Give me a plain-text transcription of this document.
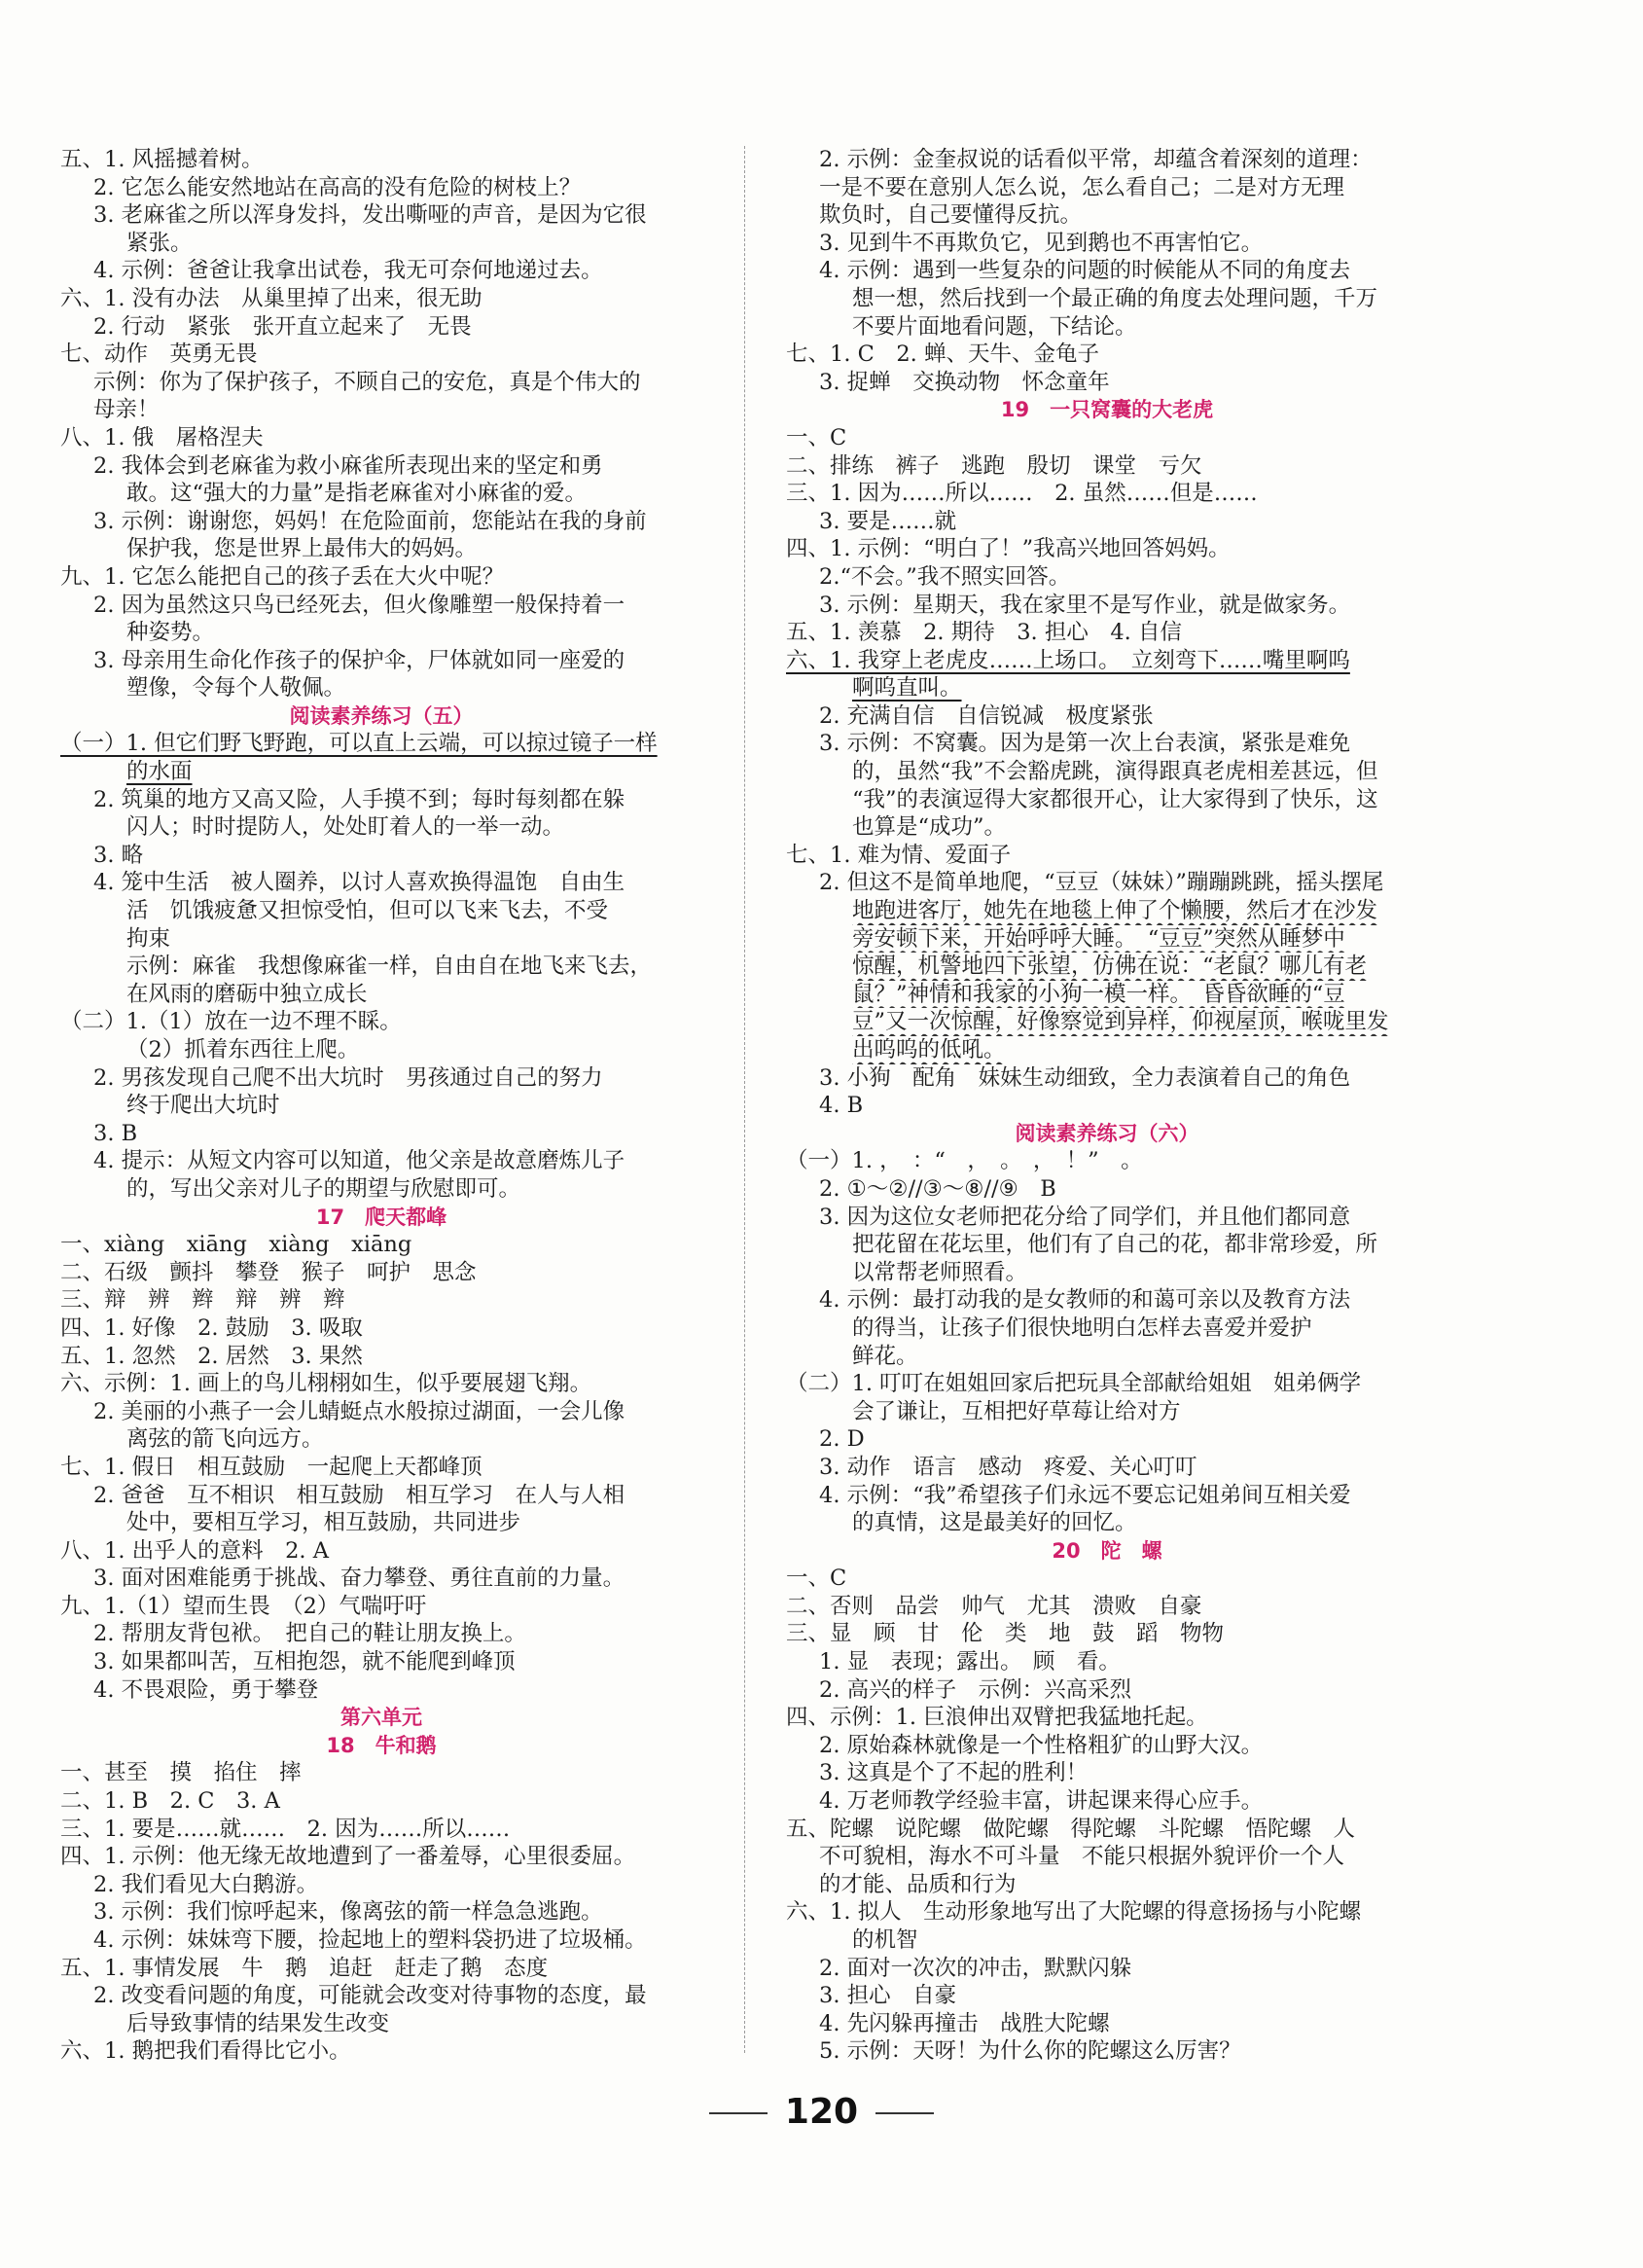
五、1. 风摇撼着树。
2. 它怎么能安然地站在高高的没有危险的树枝上？
3. 老麻雀之所以浑身发抖，发出嘶哑的声音，是因为它很
紧张。
4. 示例：爸爸让我拿出试卷，我无可奈何地递过去。
六、1. 没有办法　从巢里掉了出来，很无助
2. 行动　紧张　张开直立起来了　无畏
七、动作　英勇无畏
示例：你为了保护孩子，不顾自己的安危，真是个伟大的
母亲！
八、1. 俄　屠格涅夫
2. 我体会到老麻雀为救小麻雀所表现出来的坚定和勇
敢。这“强大的力量”是指老麻雀对小麻雀的爱。
3. 示例：谢谢您，妈妈！在危险面前，您能站在我的身前
保护我，您是世界上最伟大的妈妈。
九、1. 它怎么能把自己的孩子丢在大火中呢？
2. 因为虽然这只鸟已经死去，但火像雕塑一般保持着一
种姿势。
3. 母亲用生命化作孩子的保护伞，尸体就如同一座爱的
塑像，令每个人敬佩。
阅读素养练习（五）
（一）1. 但它们野飞野跑，可以直上云端，可以掠过镜子一样
的水面
2. 筑巢的地方又高又险，人手摸不到；每时每刻都在躲
闪人；时时提防人，处处盯着人的一举一动。
3. 略
4. 笼中生活　被人圈养，以讨人喜欢换得温饱　自由生
活　饥饿疲惫又担惊受怕，但可以飞来飞去，不受
拘束
示例：麻雀　我想像麻雀一样，自由自在地飞来飞去，
在风雨的磨砺中独立成长
（二）1.（1）放在一边不理不睬。
（2）抓着东西往上爬。
2. 男孩发现自己爬不出大坑时　男孩通过自己的努力
终于爬出大坑时
3. B
4. 提示：从短文内容可以知道，他父亲是故意磨炼儿子
的，写出父亲对儿子的期望与欣慰即可。
17　爬天都峰
一、xiàng　xiāng　xiàng　xiāng
二、石级　颤抖　攀登　猴子　呵护　思念
三、辩　辨　辫　辩　辨　辫
四、1. 好像　2. 鼓励　3. 吸取
五、1. 忽然　2. 居然　3. 果然
六、示例：1. 画上的鸟儿栩栩如生，似乎要展翅飞翔。
2. 美丽的小燕子一会儿蜻蜓点水般掠过湖面，一会儿像
离弦的箭飞向远方。
七、1. 假日　相互鼓励　一起爬上天都峰顶
2. 爸爸　互不相识　相互鼓励　相互学习　在人与人相
处中，要相互学习，相互鼓励，共同进步
八、1. 出乎人的意料　2. A
3. 面对困难能勇于挑战、奋力攀登、勇往直前的力量。
九、1.（1）望而生畏　（2）气喘吁吁
2. 帮朋友背包袱。　把自己的鞋让朋友换上。
3. 如果都叫苦，互相抱怨，就不能爬到峰顶
4. 不畏艰险，勇于攀登
第六单元
18　牛和鹅
一、甚至　摸　掐住　摔
二、1. B　2. C　3. A
三、1. 要是……就……　2. 因为……所以……
四、1. 示例：他无缘无故地遭到了一番羞辱，心里很委屈。
2. 我们看见大白鹅游。
3. 示例：我们惊呼起来，像离弦的箭一样急急逃跑。
4. 示例：妹妹弯下腰，捡起地上的塑料袋扔进了垃圾桶。
五、1. 事情发展　牛　鹅　追赶　赶走了鹅　态度
2. 改变看问题的角度，可能就会改变对待事物的态度，最
后导致事情的结果发生改变
六、1. 鹅把我们看得比它小。
2. 示例：金奎叔说的话看似平常，却蕴含着深刻的道理：
一是不要在意别人怎么说，怎么看自己；二是对方无理
欺负时，自己要懂得反抗。
3. 见到牛不再欺负它，见到鹅也不再害怕它。
4. 示例：遇到一些复杂的问题的时候能从不同的角度去
想一想，然后找到一个最正确的角度去处理问题，千万
不要片面地看问题，下结论。
七、1. C　2. 蝉、天牛、金龟子
3. 捉蝉　交换动物　怀念童年
19　一只窝囊的大老虎
一、C
二、排练　裤子　逃跑　殷切　课堂　亏欠
三、1. 因为……所以……　2. 虽然……但是……
3. 要是……就
四、1. 示例：“明白了！”我高兴地回答妈妈。
2.“不会。”我不照实回答。
3. 示例：星期天，我在家里不是写作业，就是做家务。
五、1. 羡慕　2. 期待　3. 担心　4. 自信
六、1. 我穿上老虎皮……上场口。　立刻弯下……嘴里啊呜
啊呜直叫。
2. 充满自信　自信锐减　极度紧张
3. 示例：不窝囊。因为是第一次上台表演，紧张是难免
的，虽然“我”不会豁虎跳，演得跟真老虎相差甚远，但
“我”的表演逗得大家都很开心，让大家得到了快乐，这
也算是“成功”。
七、1. 难为情、爱面子
2. 但这不是简单地爬，“豆豆（妹妹）”蹦蹦跳跳，摇头摆尾
地跑进客厅，她先在地毯上伸了个懒腰，然后才在沙发
旁安顿下来，开始呼呼大睡。　“豆豆”突然从睡梦中
惊醒，机警地四下张望，仿佛在说：“老鼠？哪儿有老
鼠？”神情和我家的小狗一模一样。　昏昏欲睡的“豆
豆”又一次惊醒，好像察觉到异样，仰视屋顶，喉咙里发
出呜呜的低吼。
3. 小狗　配角　妹妹生动细致，全力表演着自己的角色
4. B
阅读素养练习（六）
（一）1. ，　：“　，　。　，　！”　。
2. ①～②//③～⑧//⑨　B
3. 因为这位女老师把花分给了同学们，并且他们都同意
把花留在花坛里，他们有了自己的花，都非常珍爱，所
以常帮老师照看。
4. 示例：最打动我的是女教师的和蔼可亲以及教育方法
的得当，让孩子们很快地明白怎样去喜爱并爱护
鲜花。
（二）1. 叮叮在姐姐回家后把玩具全部献给姐姐　姐弟俩学
会了谦让，互相把好草莓让给对方
2. D
3. 动作　语言　感动　疼爱、关心叮叮
4. 示例：“我”希望孩子们永远不要忘记姐弟间互相关爱
的真情，这是最美好的回忆。
20　陀　螺
一、C
二、否则　品尝　帅气　尤其　溃败　自豪
三、显　顾　甘　伦　类　地　鼓　蹈　物物
1. 显　表现；露出。　顾　看。
2. 高兴的样子　示例：兴高采烈
四、示例：1. 巨浪伸出双臂把我猛地托起。
2. 原始森林就像是一个性格粗犷的山野大汉。
3. 这真是个了不起的胜利！
4. 万老师教学经验丰富，讲起课来得心应手。
五、陀螺　说陀螺　做陀螺　得陀螺　斗陀螺　悟陀螺　人
不可貌相，海水不可斗量　不能只根据外貌评价一个人
的才能、品质和行为
六、1. 拟人　生动形象地写出了大陀螺的得意扬扬与小陀螺
的机智
2. 面对一次次的冲击，默默闪躲
3. 担心　自豪
4. 先闪躲再撞击　战胜大陀螺
5. 示例：天呀！为什么你的陀螺这么厉害？
120
